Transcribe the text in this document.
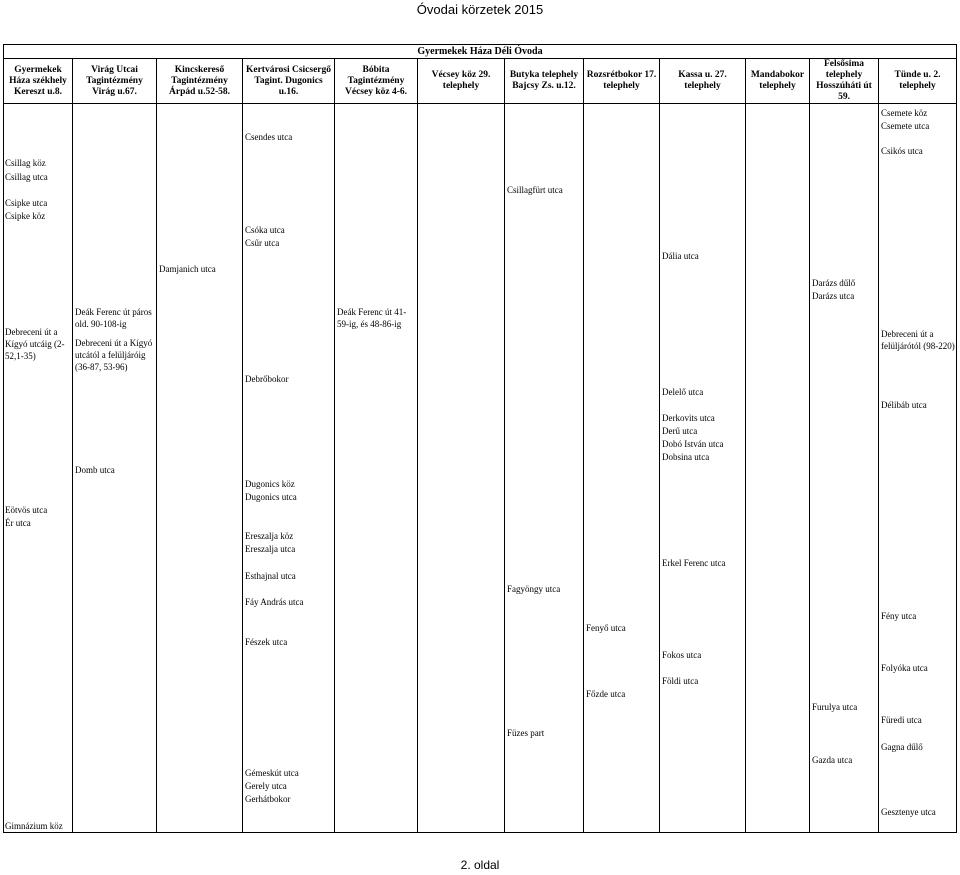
Óvodai körzetek 2015
Gyermekek Háza Déli Óvoda
Gyermekek Háza székhely Kereszt u.8.
Virág Utcai Tagintézmény Virág u.67.
Kincskereső Tagintézmény Árpád u.52-58.
Kertvárosi Csicsergő Tagint. Dugonics u.16.
Bóbita Tagintézmény Vécsey köz 4-6.
Vécsey köz 29. telephely
Butyka telephely Bajcsy Zs. u.12.
Rozsrétbokor 17. telephely
Kassa u. 27. telephely
Mandabokor telephely
Felsősima telephely Hosszúháti út 59.
Tünde u. 2. telephely
Csillag köz
Csillag utca
Csipke utca
Csipke köz
Debreceni út a Kígyó utcáig (2-52,1-35)
Eötvös utca
Ér utca
Gimnázium köz
Deák Ferenc út páros old. 90-108-ig
Debreceni út a Kígyó utcától a felüljáróig (36-87, 53-96)
Domb utca
Damjanich utca
Csendes utca
Csóka utca
Csűr utca
Debrőbokor
Dugonics köz
Dugonics utca
Ereszalja köz
Ereszalja utca
Esthajnal utca
Fáy András utca
Fészek utca
Gémeskút utca
Gerely utca
Gerhátbokor
Deák Ferenc út 41-59-ig, és 48-86-ig
Csillagfürt utca
Fagyöngy utca
Füzes part
Fenyő utca
Főzde utca
Dália utca
Delelő utca
Derkovits utca
Derű utca
Dobó István utca
Dobsina utca
Erkel Ferenc utca
Fokos utca
Földi utca
Darázs dűlő
Darázs utca
Furulya utca
Gazda utca
Csemete köz
Csemete utca
Csikós utca
Debreceni út a felüljárótól (98-220)
Délibáb utca
Fény utca
Folyóka utca
Füredi utca
Gagna dűlő
Gesztenye utca
2. oldal
